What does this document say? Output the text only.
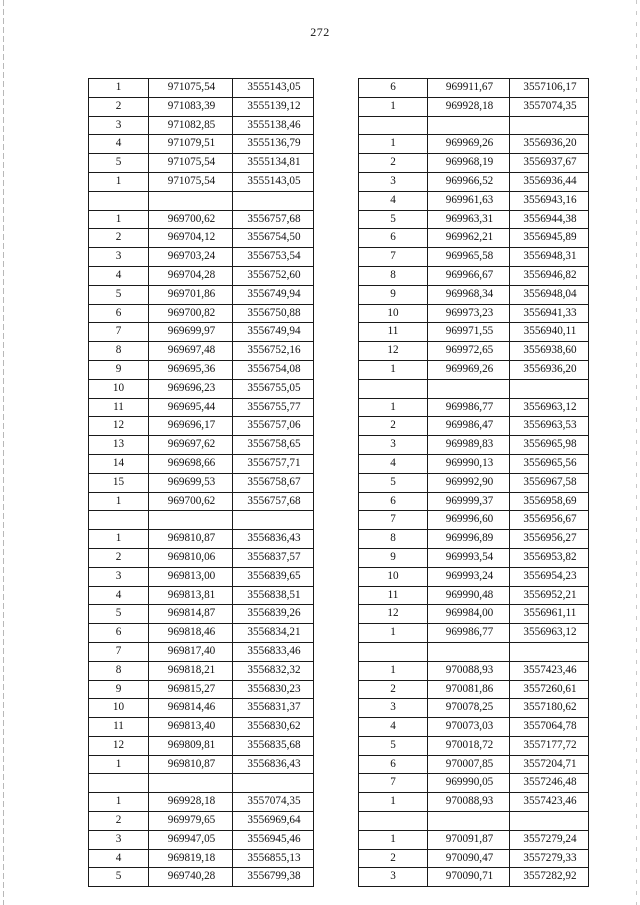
272
1	971075,54	3555143,05
2	971083,39	3555139,12
3	971082,85	3555138,46
4	971079,51	3555136,79
5	971075,54	3555134,81
1	971075,54	3555143,05

1	969700,62	3556757,68
2	969704,12	3556754,50
3	969703,24	3556753,54
4	969704,28	3556752,60
5	969701,86	3556749,94
6	969700,82	3556750,88
7	969699,97	3556749,94
8	969697,48	3556752,16
9	969695,36	3556754,08
10	969696,23	3556755,05
11	969695,44	3556755,77
12	969696,17	3556757,06
13	969697,62	3556758,65
14	969698,66	3556757,71
15	969699,53	3556758,67
1	969700,62	3556757,68

1	969810,87	3556836,43
2	969810,06	3556837,57
3	969813,00	3556839,65
4	969813,81	3556838,51
5	969814,87	3556839,26
6	969818,46	3556834,21
7	969817,40	3556833,46
8	969818,21	3556832,32
9	969815,27	3556830,23
10	969814,46	3556831,37
11	969813,40	3556830,62
12	969809,81	3556835,68
1	969810,87	3556836,43

1	969928,18	3557074,35
2	969979,65	3556969,64
3	969947,05	3556945,46
4	969819,18	3556855,13
5	969740,28	3556799,38
6	969911,67	3557106,17
1	969928,18	3557074,35

1	969969,26	3556936,20
2	969968,19	3556937,67
3	969966,52	3556936,44
4	969961,63	3556943,16
5	969963,31	3556944,38
6	969962,21	3556945,89
7	969965,58	3556948,31
8	969966,67	3556946,82
9	969968,34	3556948,04
10	969973,23	3556941,33
11	969971,55	3556940,11
12	969972,65	3556938,60
1	969969,26	3556936,20

1	969986,77	3556963,12
2	969986,47	3556963,53
3	969989,83	3556965,98
4	969990,13	3556965,56
5	969992,90	3556967,58
6	969999,37	3556958,69
7	969996,60	3556956,67
8	969996,89	3556956,27
9	969993,54	3556953,82
10	969993,24	3556954,23
11	969990,48	3556952,21
12	969984,00	3556961,11
1	969986,77	3556963,12

1	970088,93	3557423,46
2	970081,86	3557260,61
3	970078,25	3557180,62
4	970073,03	3557064,78
5	970018,72	3557177,72
6	970007,85	3557204,71
7	969990,05	3557246,48
1	970088,93	3557423,46

1	970091,87	3557279,24
2	970090,47	3557279,33
3	970090,71	3557282,92
